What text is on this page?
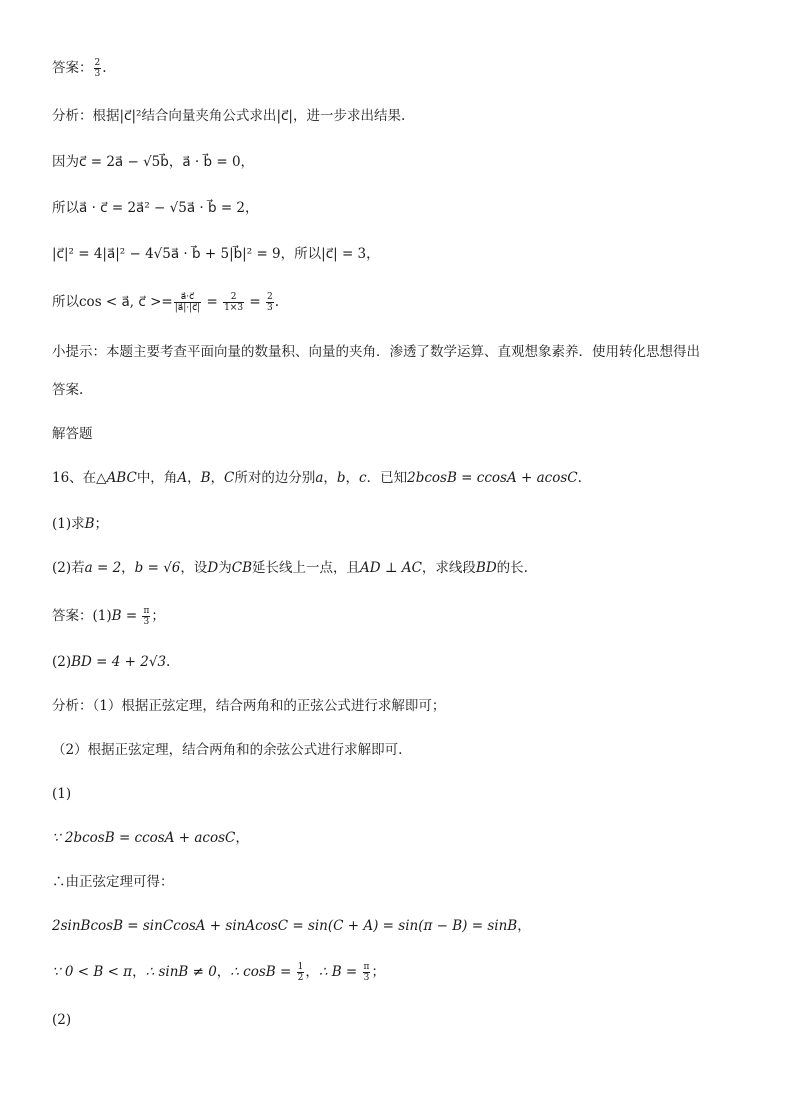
答案： $\frac{2}{3}$ .
分析：根据|c⃗|²结合向量夹角公式求出|c⃗|，进一步求出结果.
因为c⃗ = 2a⃗ − √5b⃗，a⃗ · b⃗ = 0，
所以a⃗ · c⃗ = 2a⃗² − √5a⃗ · b⃗ = 2，
|c⃗|² = 4|a⃗|² − 4√5a⃗ · b⃗ + 5|b⃗|² = 9，所以|c⃗| = 3，
所以cos < a⃗, c⃗ >= $\frac{a⃗\cdot c⃗}{|a⃗|\cdot|c⃗|} = \frac{2}{1\times 3} = \frac{2}{3}$ .
小提示：本题主要考查平面向量的数量积、向量的夹角．渗透了数学运算、直观想象素养．使用转化思想得出
答案.
解答题
16、在△ABC中，角A，B，C所对的边分别a，b，c．已知2bcosB = ccosA + acosC.
(1)求B；
(2)若a = 2，b = √6，设D为CB延长线上一点，且AD ⊥ AC，求线段BD的长.
答案：$(1)B = \frac{\pi}{3}$ ；
(2)BD = 4 + 2√3.
分析：（1）根据正弦定理，结合两角和的正弦公式进行求解即可；
（2）根据正弦定理，结合两角和的余弦公式进行求解即可.
(1)
∵ 2bcosB = ccosA + acosC，
∴由正弦定理可得：
2sinBcosB = sinCcosA + sinAcosC = sin(C + A) = sin(π − B) = sinB，
∵ 0 < B < π，∴ sinB ≠ 0，∴ $\cos B = \frac{1}{2}$ ，∴ $B = \frac{\pi}{3}$ ；
(2)
